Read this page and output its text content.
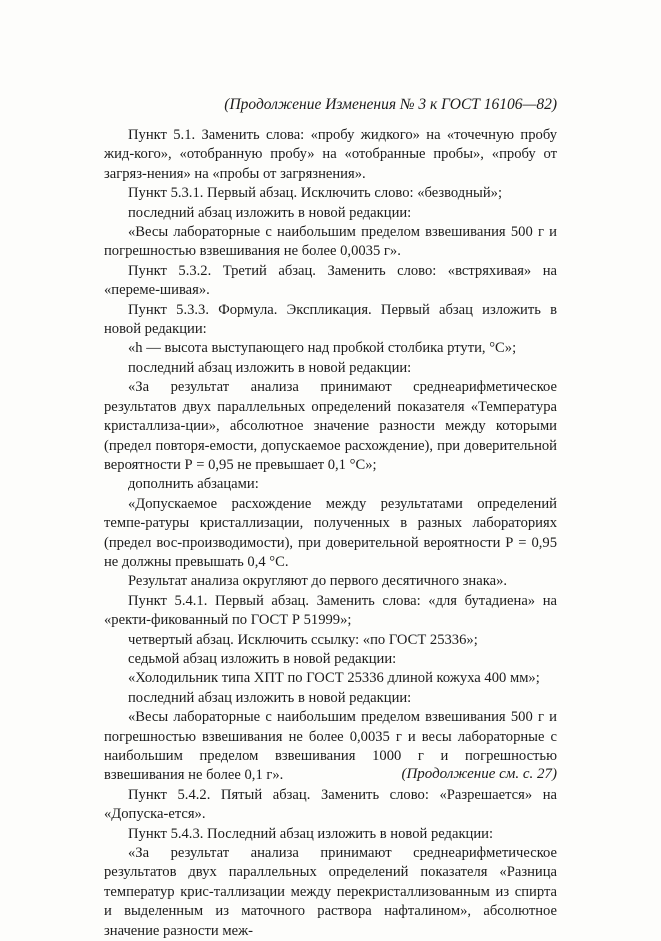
(Продолжение Изменения № 3 к ГОСТ 16106—82)

Пункт 5.1. Заменить слова: «пробу жидкого» на «точечную пробу жид-кого», «отобранную пробу» на «отобранные пробы», «пробу от загряз-нения» на «пробы от загрязнения».

Пункт 5.3.1. Первый абзац. Исключить слово: «безводный»;

последний абзац изложить в новой редакции:

«Весы лабораторные с наибольшим пределом взвешивания 500 г и погрешностью взвешивания не более 0,0035 г».

Пункт 5.3.2. Третий абзац. Заменить слово: «встряхивая» на «переме-шивая».

Пункт 5.3.3. Формула. Экспликация. Первый абзац изложить в новой редакции:

«h — высота выступающего над пробкой столбика ртути, °С»;

последний абзац изложить в новой редакции:

«За результат анализа принимают среднеарифметическое результатов двух параллельных определений показателя «Температура кристаллиза-ции», абсолютное значение разности между которыми (предел повторя-емости, допускаемое расхождение), при доверительной вероятности Р = 0,95 не превышает 0,1 °С»;

дополнить абзацами:

«Допускаемое расхождение между результатами определений темпе-ратуры кристаллизации, полученных в разных лабораториях (предел вос-производимости), при доверительной вероятности Р = 0,95 не должны превышать 0,4 °С.

Результат анализа округляют до первого десятичного знака».

Пункт 5.4.1. Первый абзац. Заменить слова: «для бутадиена» на «ректи-фикованный по ГОСТ Р 51999»;

четвертый абзац. Исключить ссылку: «по ГОСТ 25336»;

седьмой абзац изложить в новой редакции:

«Холодильник типа ХПТ по ГОСТ 25336 длиной кожуха 400 мм»;

последний абзац изложить в новой редакции:

«Весы лабораторные с наибольшим пределом взвешивания 500 г и погрешностью взвешивания не более 0,0035 г и весы лабораторные с наибольшим пределом взвешивания 1000 г и погрешностью взвешивания не более 0,1 г».

Пункт 5.4.2. Пятый абзац. Заменить слово: «Разрешается» на «Допуска-ется».

Пункт 5.4.3. Последний абзац изложить в новой редакции:

«За результат анализа принимают среднеарифметическое результатов двух параллельных определений показателя «Разница температур крис-таллизации между перекристаллизованным из спирта и выделенным из маточного раствора нафталином», абсолютное значение разности меж-

(Продолжение см. с. 27)
